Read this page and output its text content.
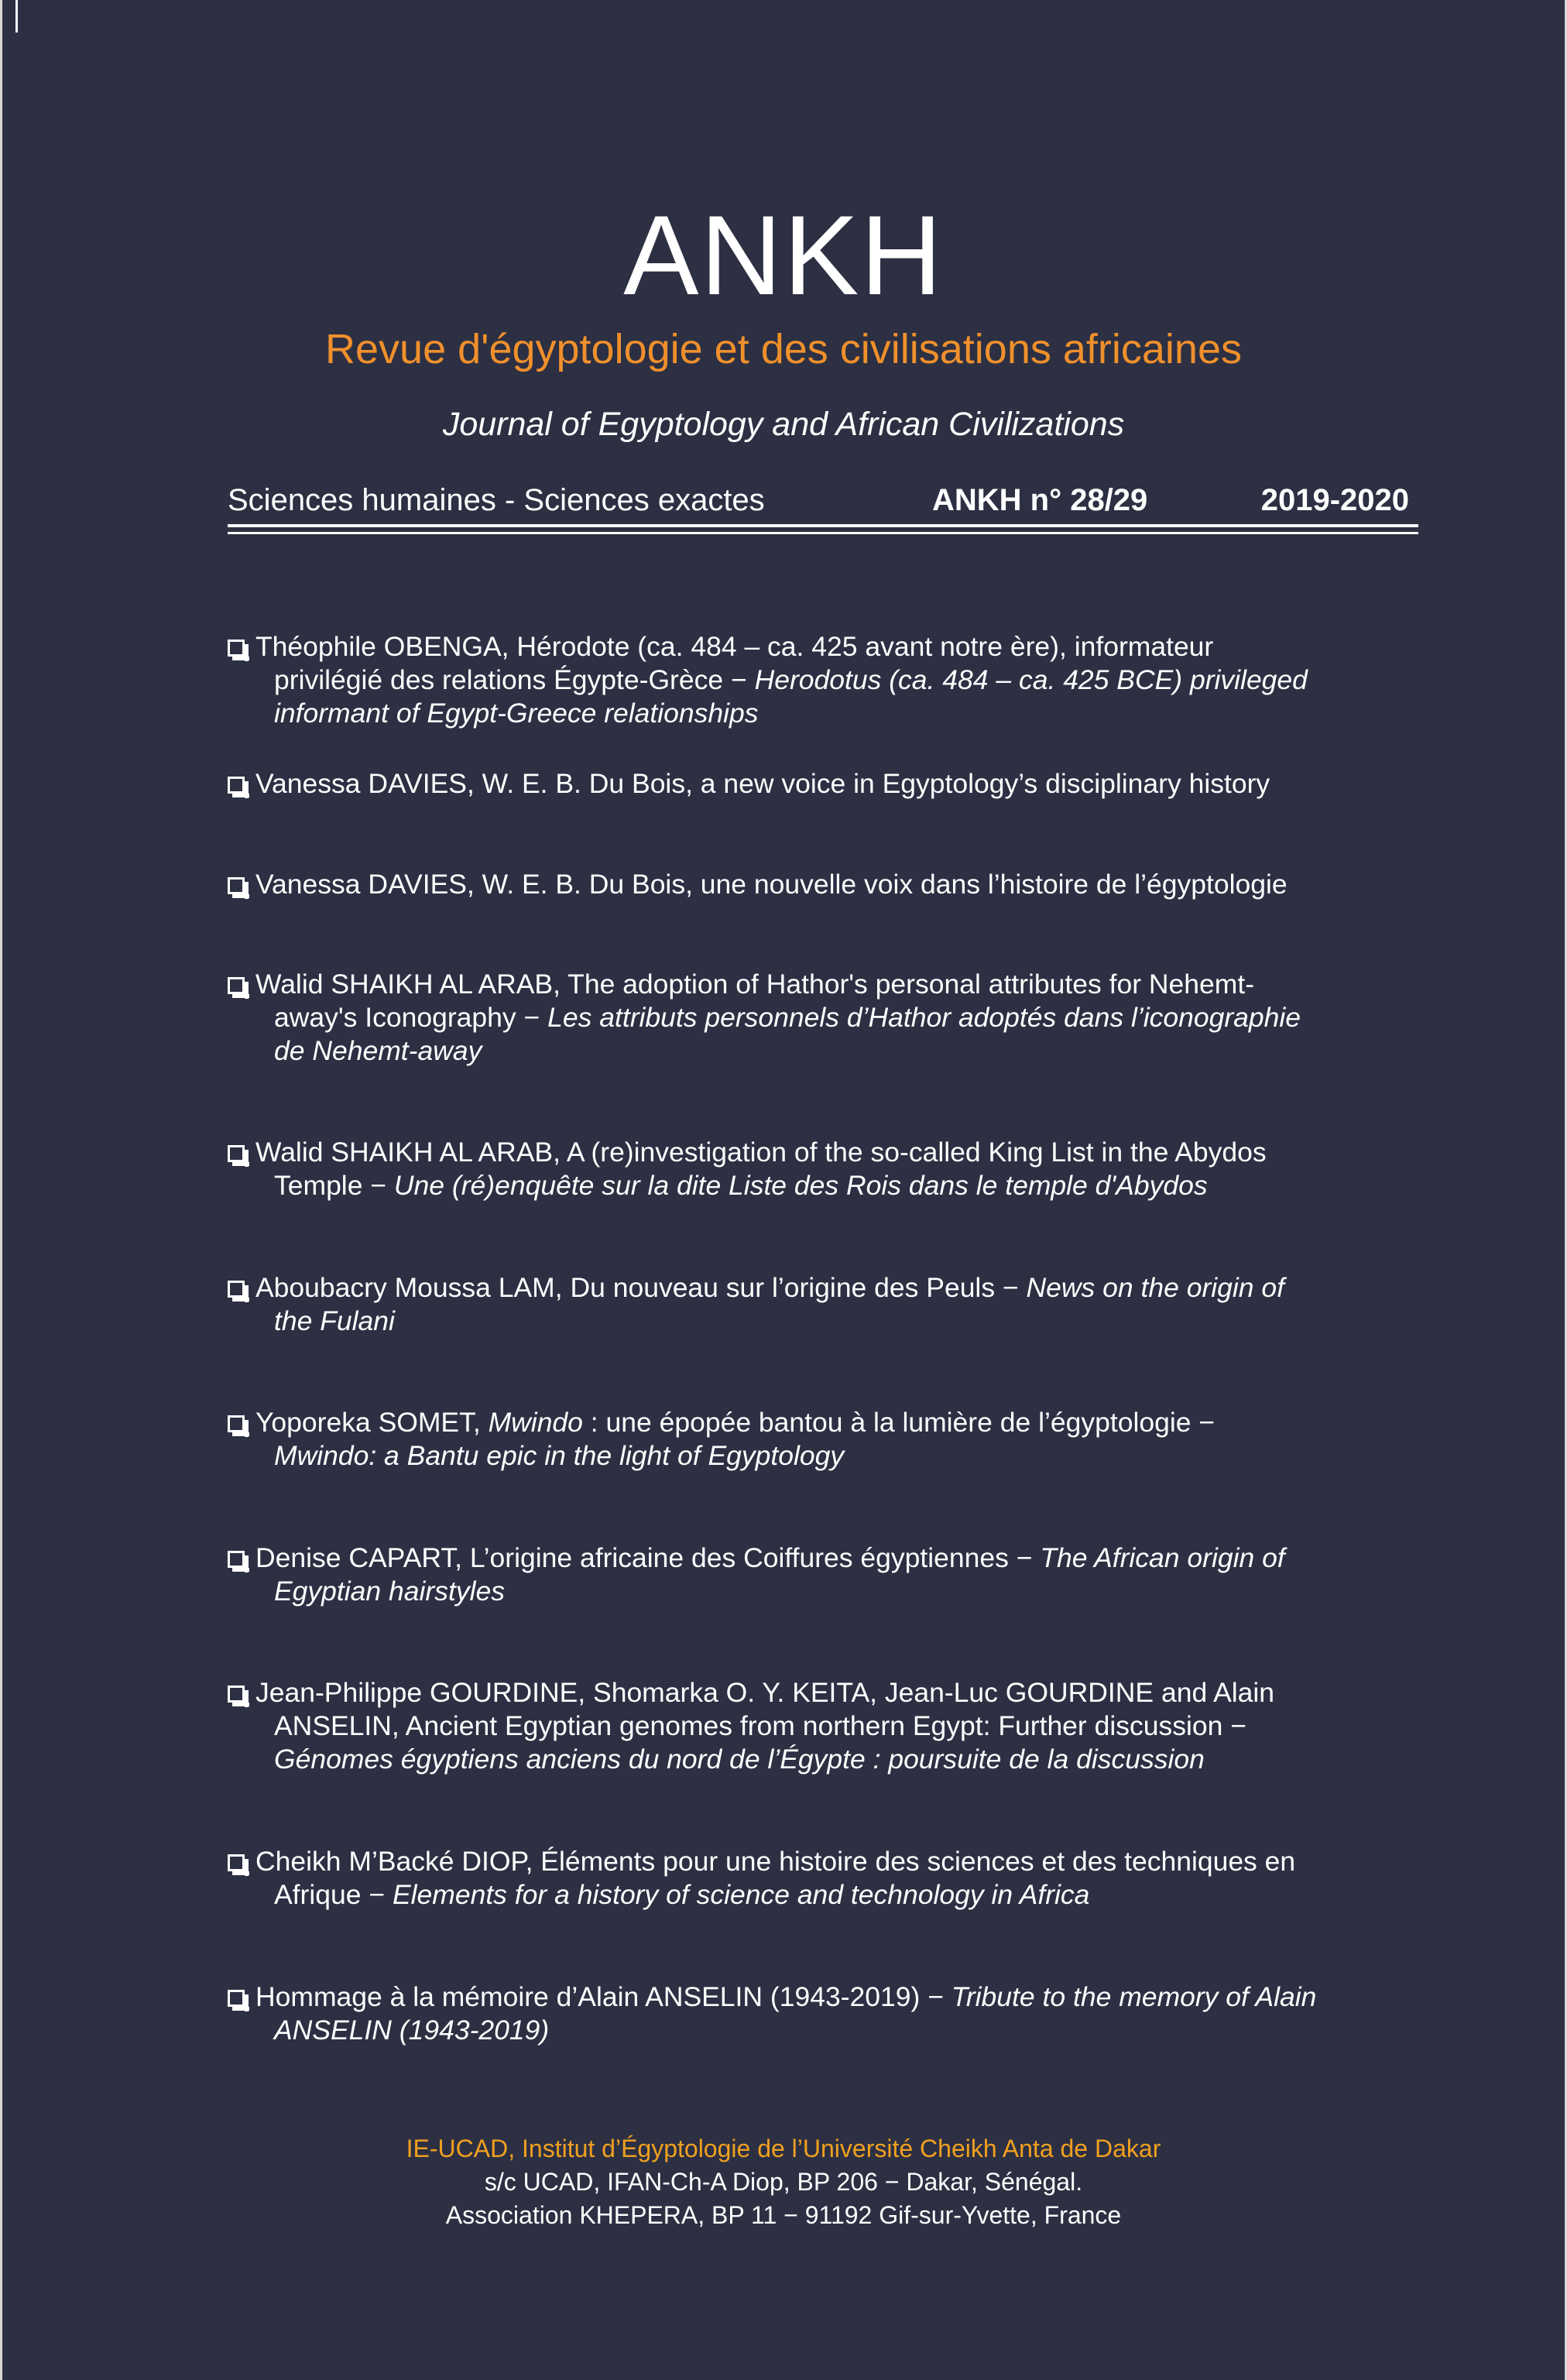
ANKH
Revue d'égyptologie et des civilisations africaines
Journal of Egyptology and African Civilizations
Sciences humaines - Sciences exactes	ANKH n° 28/29	2019-2020
Théophile OBENGA, Hérodote (ca. 484 – ca. 425 avant notre ère), informateur
privilégié des relations Égypte-Grèce − Herodotus (ca. 484 – ca. 425 BCE) privileged
informant of Egypt-Greece relationships
Vanessa DAVIES, W. E. B. Du Bois, a new voice in Egyptology’s disciplinary history
Vanessa DAVIES, W. E. B. Du Bois, une nouvelle voix dans l’histoire de l’égyptologie
Walid SHAIKH AL ARAB, The adoption of Hathor's personal attributes for Nehemt-
away's Iconography − Les attributs personnels d’Hathor adoptés dans l’iconographie
de Nehemt-away
Walid SHAIKH AL ARAB, A (re)investigation of the so-called King List in the Abydos
Temple − Une (ré)enquête sur la dite Liste des Rois dans le temple d'Abydos
Aboubacry Moussa LAM, Du nouveau sur l’origine des Peuls − News on the origin of
the Fulani
Yoporeka SOMET, Mwindo : une épopée bantou à la lumière de l’égyptologie −
Mwindo: a Bantu epic in the light of Egyptology
Denise CAPART, L’origine africaine des Coiffures égyptiennes − The African origin of
Egyptian hairstyles
Jean-Philippe GOURDINE, Shomarka O. Y. KEITA, Jean-Luc GOURDINE and Alain
ANSELIN, Ancient Egyptian genomes from northern Egypt: Further discussion −
Génomes égyptiens anciens du nord de l’Égypte : poursuite de la discussion
Cheikh M’Backé DIOP, Éléments pour une histoire des sciences et des techniques en
Afrique − Elements for a history of science and technology in Africa
Hommage à la mémoire d’Alain ANSELIN (1943-2019) − Tribute to the memory of Alain
ANSELIN (1943-2019)
IE-UCAD, Institut d’Égyptologie de l’Université Cheikh Anta de Dakar
s/c UCAD, IFAN-Ch-A Diop, BP 206 − Dakar, Sénégal.
Association KHEPERA, BP 11 − 91192 Gif-sur-Yvette, France
